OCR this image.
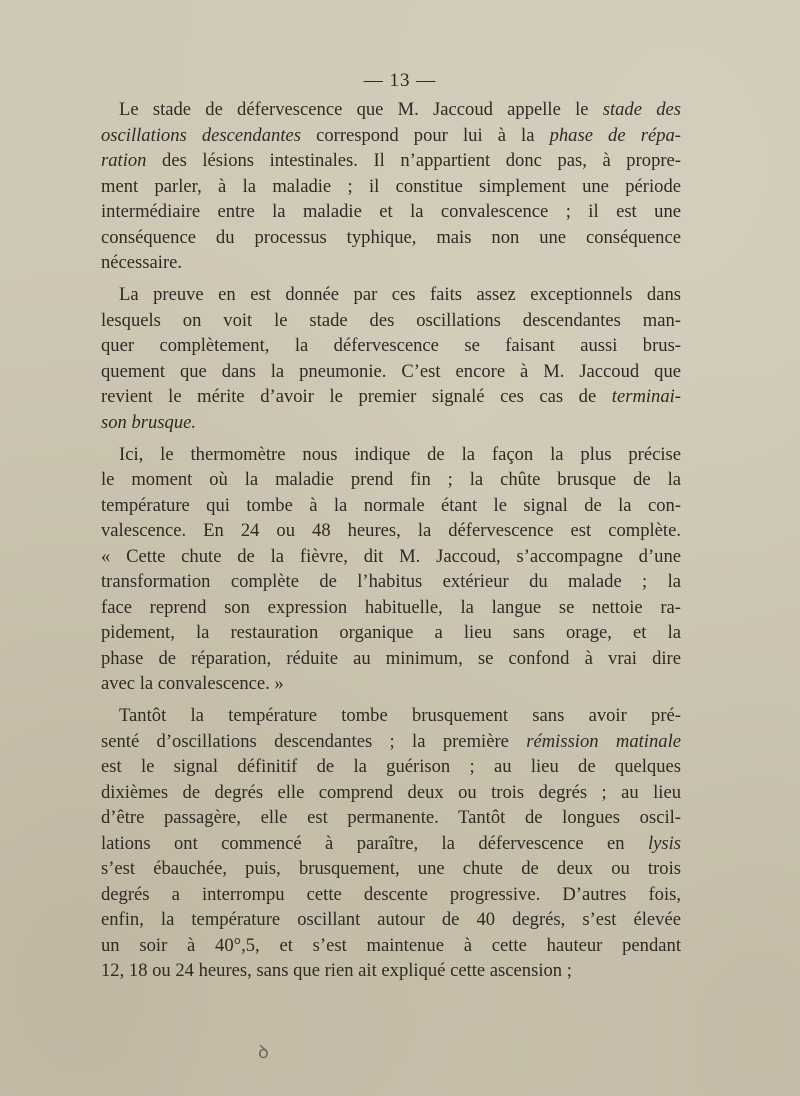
— 13 —
Le stade de défervescence que M. Jaccoud appelle le stade des
oscillations descendantes correspond pour lui à la phase de répa-
ration des lésions intestinales. Il n’appartient donc pas, à propre-
ment parler, à la maladie ; il constitue simplement une période
intermédiaire entre la maladie et la convalescence ; il est une
conséquence du processus typhique, mais non une conséquence
nécessaire.
La preuve en est donnée par ces faits assez exceptionnels dans
lesquels on voit le stade des oscillations descendantes man-
quer complètement, la défervescence se faisant aussi brus-
quement que dans la pneumonie. C’est encore à M. Jaccoud que
revient le mérite d’avoir le premier signalé ces cas de terminai-
son brusque.
Ici, le thermomètre nous indique de la façon la plus précise
le moment où la maladie prend fin ; la chûte brusque de la
température qui tombe à la normale étant le signal de la con-
valescence. En 24 ou 48 heures, la défervescence est complète.
« Cette chute de la fièvre, dit M. Jaccoud, s’accompagne d’une
transformation complète de l’habitus extérieur du malade ; la
face reprend son expression habituelle, la langue se nettoie ra-
pidement, la restauration organique a lieu sans orage, et la
phase de réparation, réduite au minimum, se confond à vrai dire
avec la convalescence. »
Tantôt la température tombe brusquement sans avoir pré-
senté d’oscillations descendantes ; la première rémission matinale
est le signal définitif de la guérison ; au lieu de quelques
dixièmes de degrés elle comprend deux ou trois degrés ; au lieu
d’être passagère, elle est permanente. Tantôt de longues oscil-
lations ont commencé à paraître, la défervescence en lysis
s’est ébauchée, puis, brusquement, une chute de deux ou trois
degrés a interrompu cette descente progressive. D’autres fois,
enfin, la température oscillant autour de 40 degrés, s’est élevée
un soir à 40°,5, et s’est maintenue à cette hauteur pendant
12, 18 ou 24 heures, sans que rien ait expliqué cette ascension ;
ꝺ
